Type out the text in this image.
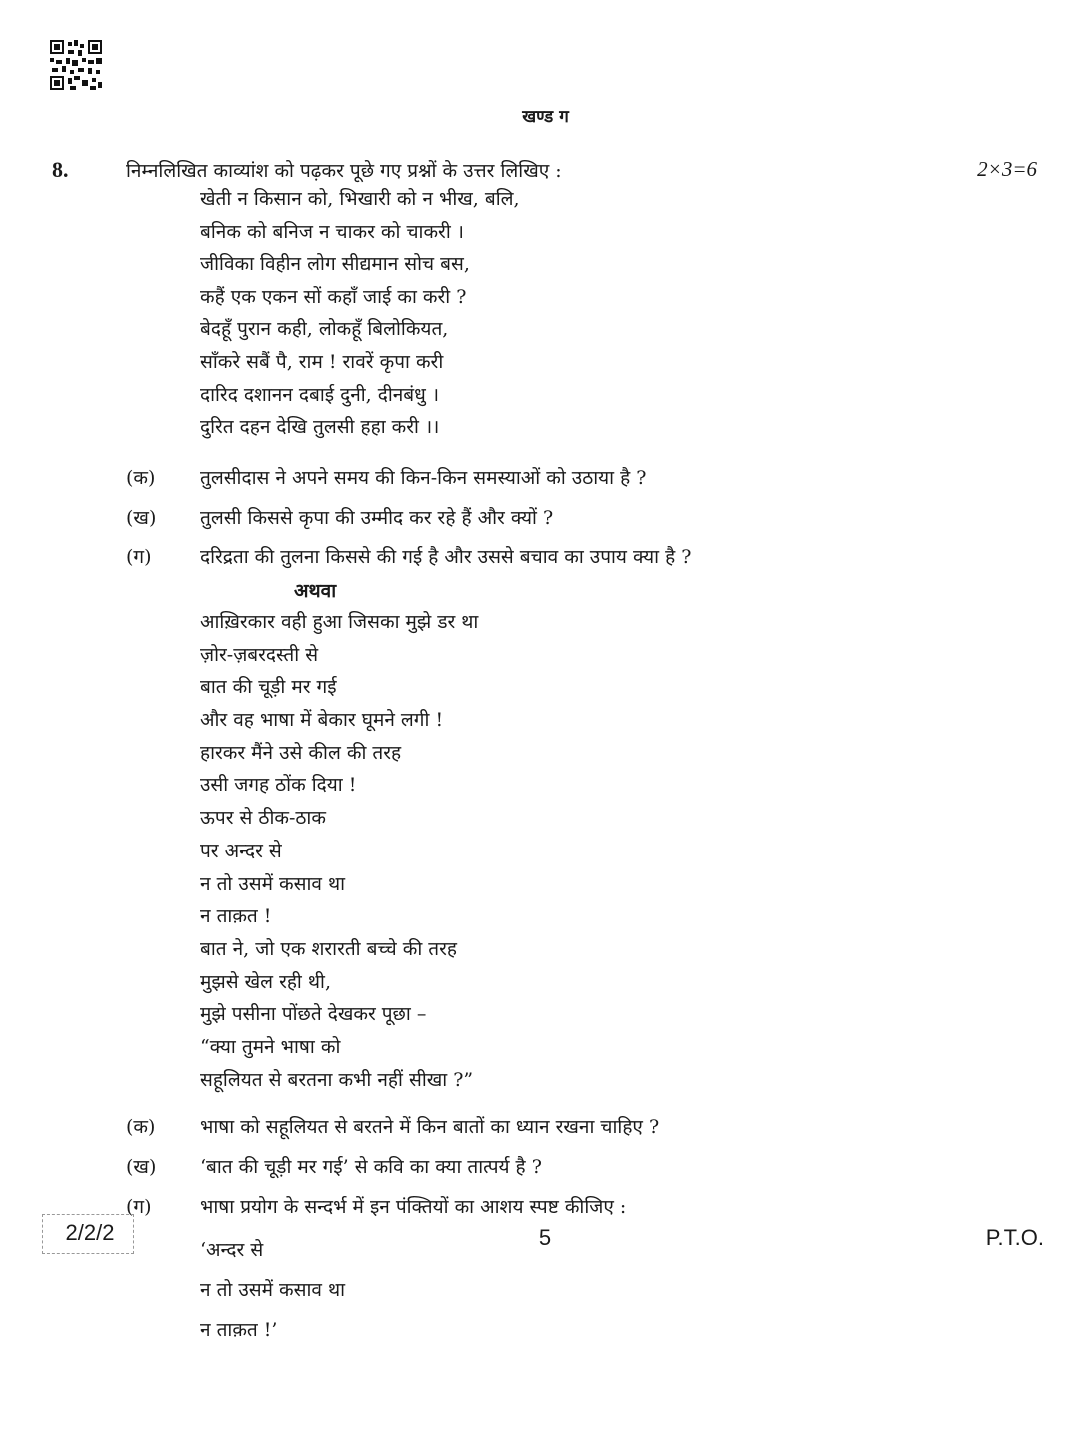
खण्ड ग
8.	निम्नलिखित काव्यांश को पढ़कर पूछे गए प्रश्नों के उत्तर लिखिए :	2×3=6
खेती न किसान को, भिखारी को न भीख, बलि,
बनिक को बनिज न चाकर को चाकरी ।
जीविका विहीन लोग सीद्यमान सोच बस,
कहैं एक एकन सों कहाँ जाई का करी ?
बेदहूँ पुरान कही, लोकहूँ बिलोकियत,
साँकरे सबैं पै, राम ! रावरें कृपा करी
दारिद दशानन दबाई दुनी, दीनबंधु ।
दुरित दहन देखि तुलसी हहा करी ।।
(क) तुलसीदास ने अपने समय की किन-किन समस्याओं को उठाया है ?
(ख) तुलसी किससे कृपा की उम्मीद कर रहे हैं और क्यों ?
(ग)	दरिद्रता की तुलना किससे की गई है और उससे बचाव का उपाय क्या है ?
अथवा
आख़िरकार वही हुआ जिसका मुझे डर था
ज़ोर-ज़बरदस्ती से
बात की चूड़ी मर गई
और वह भाषा में बेकार घूमने लगी !
हारकर मैंने उसे कील की तरह
उसी जगह ठोंक दिया !
ऊपर से ठीक-ठाक
पर अन्दर से
न तो उसमें कसाव था
न ताक़त !
बात ने, जो एक शरारती बच्चे की तरह
मुझसे खेल रही थी,
मुझे पसीना पोंछते देखकर पूछा –
“क्या तुमने भाषा को
सहूलियत से बरतना कभी नहीं सीखा ?”
(क) भाषा को सहूलियत से बरतने में किन बातों का ध्यान रखना चाहिए ?
(ख) ‘बात की चूड़ी मर गई’ से कवि का क्या तात्पर्य है ?
(ग)	भाषा प्रयोग के सन्दर्भ में इन पंक्तियों का आशय स्पष्ट कीजिए :
‘अन्दर से
न तो उसमें कसाव था
न ताक़त !’
2/2/2	5	P.T.O.
